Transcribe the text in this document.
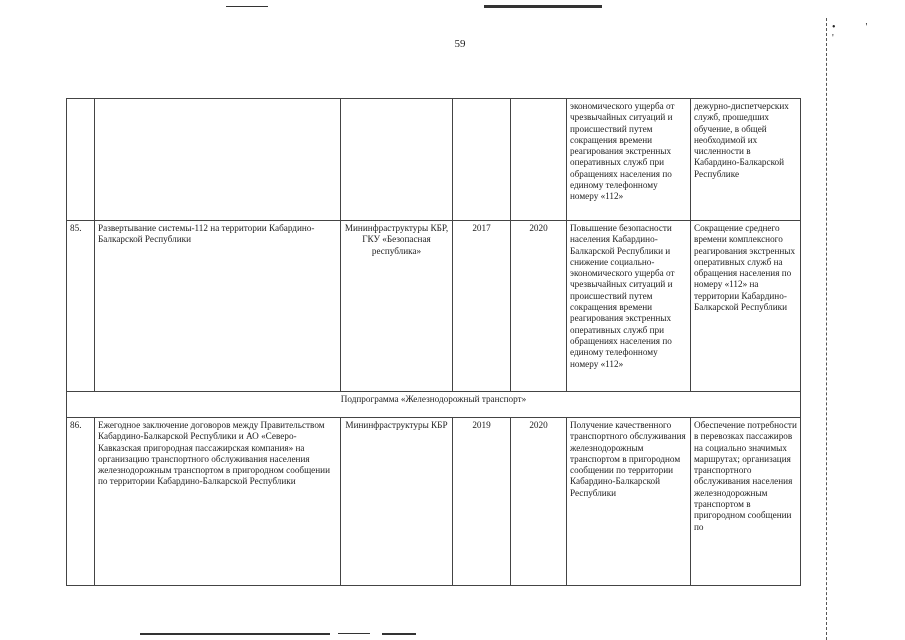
59
•' '
					экономического ущерба от чрезвычайных ситуаций и происшествий путем сокращения времени реагирования экстренных оперативных служб при обращениях населения по единому телефонному номеру «112»	дежурно-диспетчерских служб, прошедших обучение, в общей необходимой их численности в Кабардино-Балкарской Республике
85.	Развертывание системы-112 на территории Кабардино-Балкарской Республики	Мининфраструктуры КБР, ГКУ «Безопасная республика»	2017	2020	Повышение безопасности населения Кабардино-Балкарской Республики и снижение социально-экономического ущерба от чрезвычайных ситуаций и происшествий путем сокращения времени реагирования экстренных оперативных служб при обращениях населения по единому телефонному номеру «112»	Сокращение среднего времени комплексного реагирования экстренных оперативных служб на обращения населения по номеру «112» на территории Кабардино-Балкарской Республики
Подпрограмма «Железнодорожный транспорт»						
86.	Ежегодное заключение договоров между Правительством Кабардино-Балкарской Республики и АО «Северо-Кавказская пригородная пассажирская компания» на организацию транспортного обслуживания населения железнодорожным транспортом в пригородном сообщении по территории Кабардино-Балкарской Республики	Мининфраструктуры КБР	2019	2020	Получение качественного транспортного обслуживания железнодорожным транспортом в пригородном сообщении по территории Кабардино-Балкарской Республики	Обеспечение потребности в перевозках пассажиров на социально значимых маршрутах; организация транспортного обслуживания населения железнодорожным транспортом в пригородном сообщении по
